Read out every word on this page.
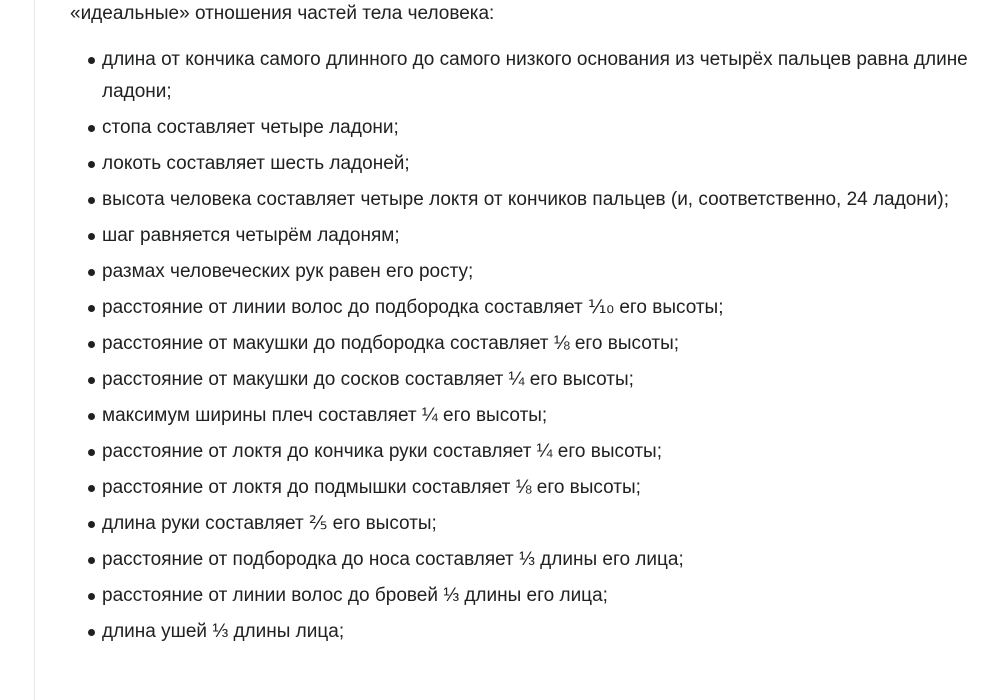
«идеальные» отношения частей тела человека:

длина от кончика самого длинного до самого низкого основания из четырёх пальцев равна длине ладони;
стопа составляет четыре ладони;
локоть составляет шесть ладоней;
высота человека составляет четыре локтя от кончиков пальцев (и, соответственно, 24 ладони);
шаг равняется четырём ладоням;
размах человеческих рук равен его росту;
расстояние от линии волос до подбородка составляет ⅒ его высоты;
расстояние от макушки до подбородка составляет ⅛ его высоты;
расстояние от макушки до сосков составляет ¼ его высоты;
максимум ширины плеч составляет ¼ его высоты;
расстояние от локтя до кончика руки составляет ¼ его высоты;
расстояние от локтя до подмышки составляет ⅛ его высоты;
длина руки составляет ⅖ его высоты;
расстояние от подбородка до носа составляет ⅓ длины его лица;
расстояние от линии волос до бровей ⅓ длины его лица;
длина ушей ⅓ длины лица;
